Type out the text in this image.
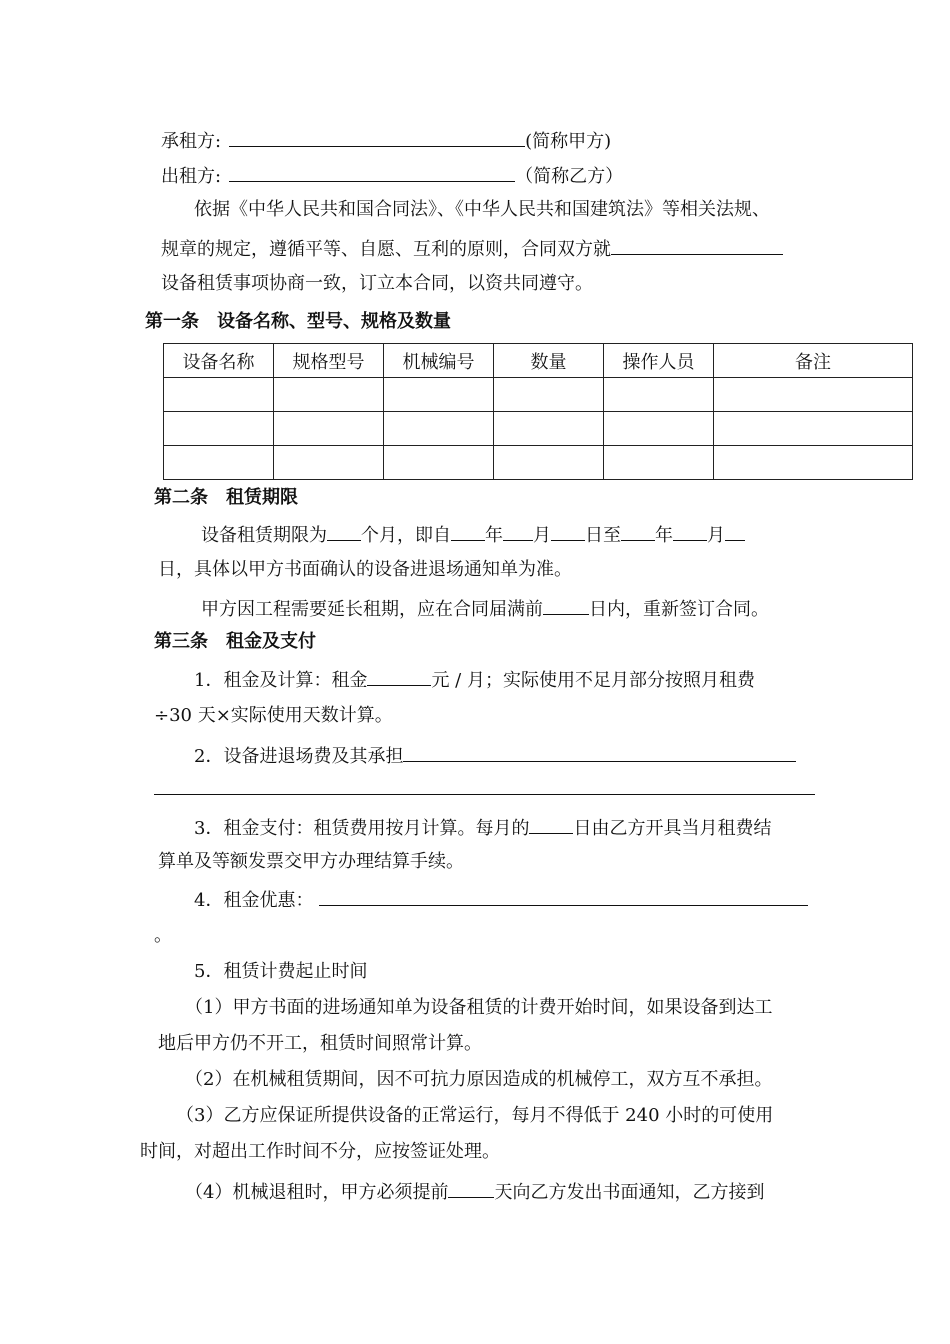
承租方:	(简称甲方)
出租方:	（简称乙方）
依据《中华人民共和国合同法》、《中华人民共和国建筑法》等相关法规、
规章的规定，遵循平等、自愿、互利的原则，合同双方就
设备租赁事项协商一致，订立本合同，以资共同遵守。
第一条　设备名称、型号、规格及数量
设备名称	规格型号	机械编号	数量	操作人员	备注

第二条　租赁期限
设备租赁期限为 个月，即自 年 月 日至 年 月
日，具体以甲方书面确认的设备进退场通知单为准。
甲方因工程需要延长租期，应在合同届满前	日内，重新签订合同。
第三条　租金及支付
1．租金及计算：租金	元 / 月；实际使用不足月部分按照月租费
÷30 天×实际使用天数计算。
2．设备进退场费及其承担
3．租金支付：租赁费用按月计算。每月的 日由乙方开具当月租费结
算单及等额发票交甲方办理结算手续。
4．租金优惠：
。
5．租赁计费起止时间
（1）甲方书面的进场通知单为设备租赁的计费开始时间，如果设备到达工
地后甲方仍不开工，租赁时间照常计算。
（2）在机械租赁期间，因不可抗力原因造成的机械停工，双方互不承担。
（3）乙方应保证所提供设备的正常运行，每月不得低于 240 小时的可使用
时间，对超出工作时间不分，应按签证处理。
（4）机械退租时，甲方必须提前	天向乙方发出书面通知，乙方接到
